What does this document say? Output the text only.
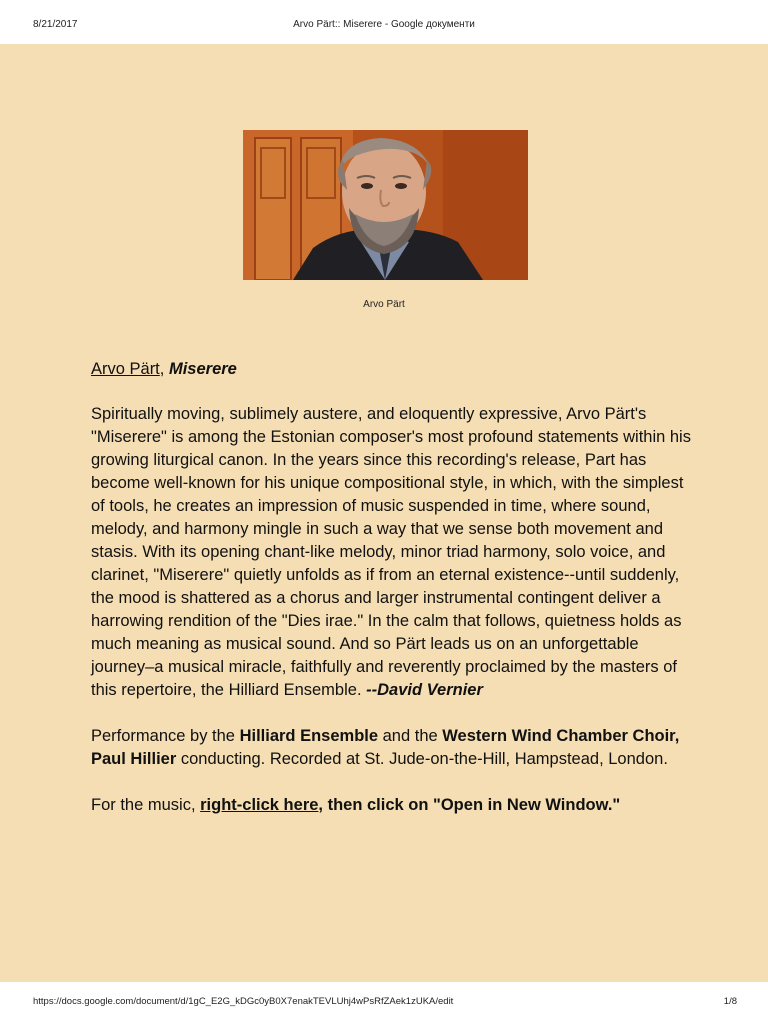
8/21/2017	Arvo Pärt:: Miserere - Google документи
Arvo Pärt

Arvo Pärt, Miserere

Spiritually moving, sublimely austere, and eloquently expressive, Arvo Pärt's "Miserere" is among the Estonian composer's most profound statements within his growing liturgical canon. In the years since this recording's release, Part has become well-known for his unique compositional style, in which, with the simplest of tools, he creates an impression of music suspended in time, where sound, melody, and harmony mingle in such a way that we sense both movement and stasis. With its opening chant-like melody, minor triad harmony, solo voice, and clarinet, "Miserere" quietly unfolds as if from an eternal existence--until suddenly, the mood is shattered as a chorus and larger instrumental contingent deliver a harrowing rendition of the "Dies irae." In the calm that follows, quietness holds as much meaning as musical sound. And so Pärt leads us on an unforgettable journey‒a musical miracle, faithfully and reverently proclaimed by the masters of this repertoire, the Hilliard Ensemble. --David Vernier

Performance by the Hilliard Ensemble and the Western Wind Chamber Choir, Paul Hillier conducting. Recorded at St. Jude-on-the-Hill, Hampstead, London.

For the music, right-click here, then click on "Open in New Window."

https://docs.google.com/document/d/1gC_E2G_kDGc0yB0X7enakTEVLUhj4wPsRfZAek1zUKA/edit	1/8
